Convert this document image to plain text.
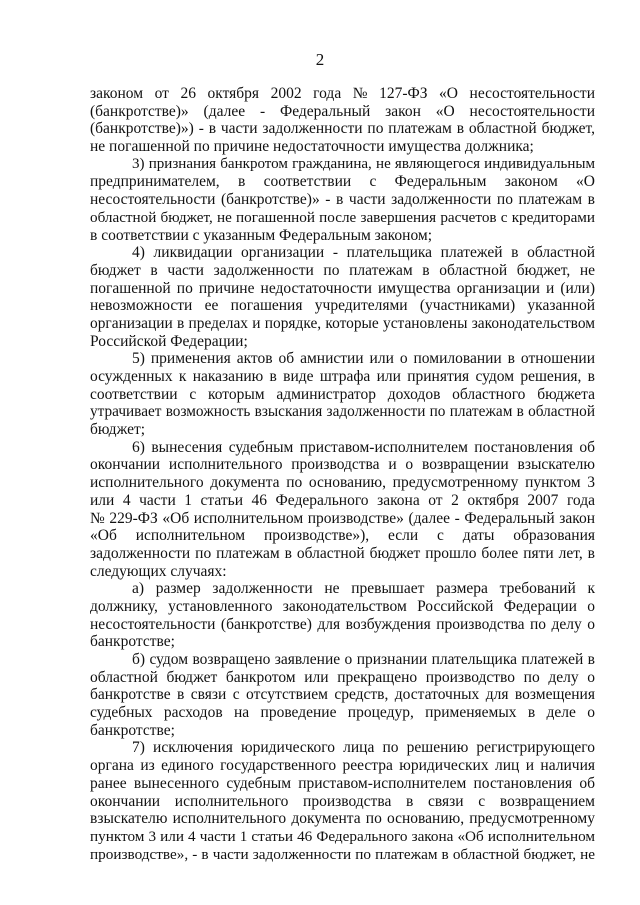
2
законом от 26 октября 2002 года № 127-ФЗ «О несостоятельности
(банкротстве)» (далее - Федеральный закон «О несостоятельности
(банкротстве)») - в части задолженности по платежам в областной бюджет,
не погашенной по причине недостаточности имущества должника;
3) признания банкротом гражданина, не являющегося индивидуальным
предпринимателем, в соответствии с Федеральным законом «О
несостоятельности (банкротстве)» - в части задолженности по платежам в
областной бюджет, не погашенной после завершения расчетов с кредиторами
в соответствии с указанным Федеральным законом;
4) ликвидации организации - плательщика платежей в областной
бюджет в части задолженности по платежам в областной бюджет, не
погашенной по причине недостаточности имущества организации и (или)
невозможности ее погашения учредителями (участниками) указанной
организации в пределах и порядке, которые установлены законодательством
Российской Федерации;
5) применения актов об амнистии или о помиловании в отношении
осужденных к наказанию в виде штрафа или принятия судом решения, в
соответствии с которым администратор доходов областного бюджета
утрачивает возможность взыскания задолженности по платежам в областной
бюджет;
6) вынесения судебным приставом-исполнителем постановления об
окончании исполнительного производства и о возвращении взыскателю
исполнительного документа по основанию, предусмотренному пунктом 3
или 4 части 1 статьи 46 Федерального закона от 2 октября 2007 года
№ 229-ФЗ «Об исполнительном производстве» (далее - Федеральный закон
«Об исполнительном производстве»), если с даты образования
задолженности по платежам в областной бюджет прошло более пяти лет, в
следующих случаях:
а) размер задолженности не превышает размера требований к
должнику, установленного законодательством Российской Федерации о
несостоятельности (банкротстве) для возбуждения производства по делу о
банкротстве;
б) судом возвращено заявление о признании плательщика платежей в
областной бюджет банкротом или прекращено производство по делу о
банкротстве в связи с отсутствием средств, достаточных для возмещения
судебных расходов на проведение процедур, применяемых в деле о
банкротстве;
7) исключения юридического лица по решению регистрирующего
органа из единого государственного реестра юридических лиц и наличия
ранее вынесенного судебным приставом-исполнителем постановления об
окончании исполнительного производства в связи с возвращением
взыскателю исполнительного документа по основанию, предусмотренному
пунктом 3 или 4 части 1 статьи 46 Федерального закона «Об исполнительном
производстве», - в части задолженности по платежам в областной бюджет, не
